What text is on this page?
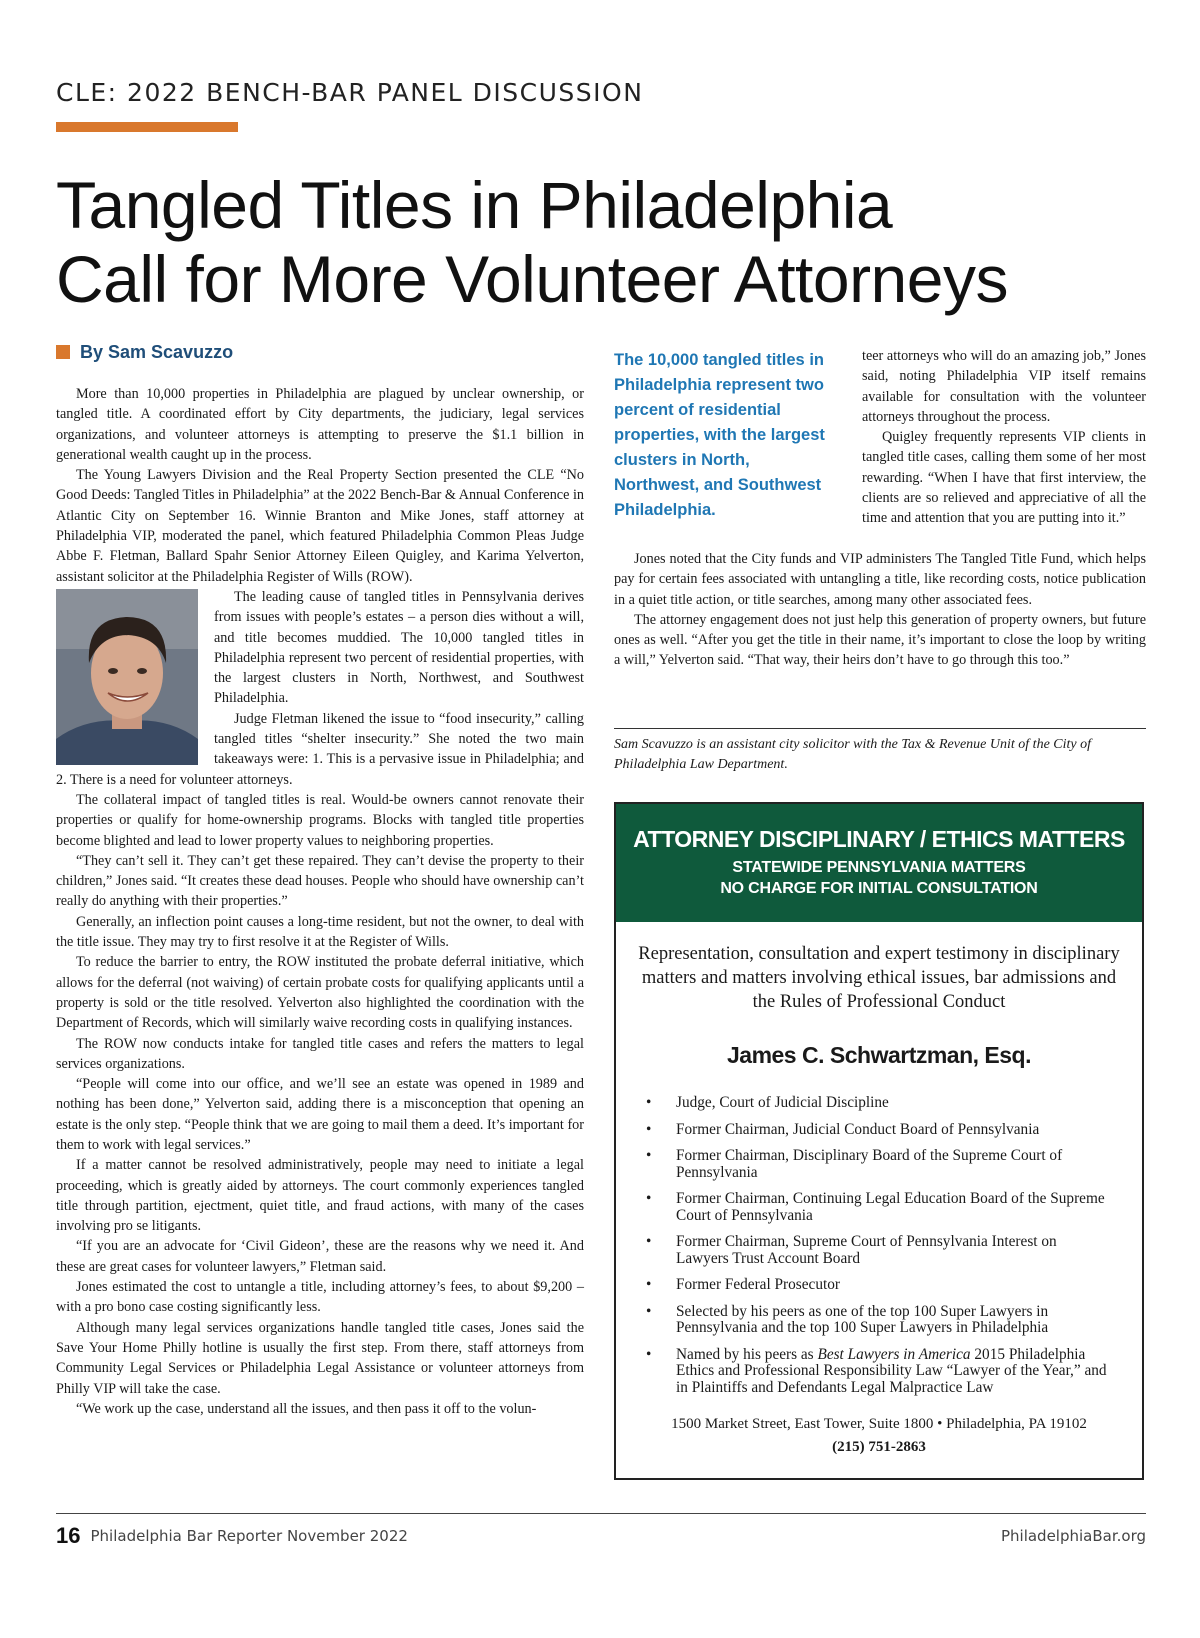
CLE: 2022 BENCH-BAR PANEL DISCUSSION
Tangled Titles in Philadelphia
Call for More Volunteer Attorneys
By Sam Scavuzzo

More than 10,000 properties in Philadelphia are plagued by unclear ownership, or tangled title. A coordinated effort by City departments, the judiciary, legal services organizations, and volunteer attorneys is attempting to preserve the $1.1 billion in generational wealth caught up in the process.

The Young Lawyers Division and the Real Property Section presented the CLE “No Good Deeds: Tangled Titles in Philadelphia” at the 2022 Bench-Bar & Annual Conference in Atlantic City on September 16. Winnie Branton and Mike Jones, staff attorney at Philadelphia VIP, moderated the panel, which featured Philadelphia Common Pleas Judge Abbe F. Fletman, Ballard Spahr Senior Attorney Eileen Quigley, and Karima Yelverton, assistant solicitor at the Philadelphia Register of Wills (ROW).

The leading cause of tangled titles in Pennsylvania derives from issues with people’s estates – a person dies without a will, and title becomes muddied. The 10,000 tangled titles in Philadelphia represent two percent of residential properties, with the largest clusters in North, Northwest, and Southwest Philadelphia.

Judge Fletman likened the issue to “food insecurity,” calling tangled titles “shelter insecurity.” She noted the two main takeaways were: 1. This is a pervasive issue in Philadelphia; and 2. There is a need for volunteer attorneys.

The collateral impact of tangled titles is real. Would-be owners cannot renovate their properties or qualify for home-ownership programs. Blocks with tangled title properties become blighted and lead to lower property values to neighboring properties.

“They can’t sell it. They can’t get these repaired. They can’t devise the property to their children,” Jones said. “It creates these dead houses. People who should have ownership can’t really do anything with their properties.”

Generally, an inflection point causes a long-time resident, but not the owner, to deal with the title issue. They may try to first resolve it at the Register of Wills.

To reduce the barrier to entry, the ROW instituted the probate deferral initiative, which allows for the deferral (not waiving) of certain probate costs for qualifying applicants until a property is sold or the title resolved. Yelverton also highlighted the coordination with the Department of Records, which will similarly waive recording costs in qualifying instances.

The ROW now conducts intake for tangled title cases and refers the matters to legal services organizations.

“People will come into our office, and we’ll see an estate was opened in 1989 and nothing has been done,” Yelverton said, adding there is a misconception that opening an estate is the only step. “People think that we are going to mail them a deed. It’s important for them to work with legal services.”

If a matter cannot be resolved administratively, people may need to initiate a legal proceeding, which is greatly aided by attorneys. The court commonly experiences tangled title through partition, ejectment, quiet title, and fraud actions, with many of the cases involving pro se litigants.

“If you are an advocate for ‘Civil Gideon’, these are the reasons why we need it. And these are great cases for volunteer lawyers,” Fletman said.

Jones estimated the cost to untangle a title, including attorney’s fees, to about $9,200 – with a pro bono case costing significantly less.

Although many legal services organizations handle tangled title cases, Jones said the Save Your Home Philly hotline is usually the first step. From there, staff attorneys from Community Legal Services or Philadelphia Legal Assistance or volunteer attorneys from Philly VIP will take the case.

“We work up the case, understand all the issues, and then pass it off to the volun-

The 10,000 tangled titles in Philadelphia represent two percent of residential properties, with the largest clusters in North, Northwest, and Southwest Philadelphia.

teer attorneys who will do an amazing job,” Jones said, noting Philadelphia VIP itself remains available for consultation with the volunteer attorneys throughout the process.

Quigley frequently represents VIP clients in tangled title cases, calling them some of her most rewarding. “When I have that first interview, the clients are so relieved and appreciative of all the time and attention that you are putting into it.”

Jones noted that the City funds and VIP administers The Tangled Title Fund, which helps pay for certain fees associated with untangling a title, like recording costs, notice publication in a quiet title action, or title searches, among many other associated fees.

The attorney engagement does not just help this generation of property owners, but future ones as well. “After you get the title in their name, it’s important to close the loop by writing a will,” Yelverton said. “That way, their heirs don’t have to go through this too.”

Sam Scavuzzo is an assistant city solicitor with the Tax & Revenue Unit of the City of Philadelphia Law Department.
ATTORNEY DISCIPLINARY / ETHICS MATTERS
STATEWIDE PENNSYLVANIA MATTERS
NO CHARGE FOR INITIAL CONSULTATION
Representation, consultation and expert testimony in disciplinary matters and matters involving ethical issues, bar admissions and the Rules of Professional Conduct
James C. Schwartzman, Esq.
• Judge, Court of Judicial Discipline
• Former Chairman, Judicial Conduct Board of Pennsylvania
• Former Chairman, Disciplinary Board of the Supreme Court of Pennsylvania
• Former Chairman, Continuing Legal Education Board of the Supreme Court of Pennsylvania
• Former Chairman, Supreme Court of Pennsylvania Interest on Lawyers Trust Account Board
• Former Federal Prosecutor
• Selected by his peers as one of the top 100 Super Lawyers in Pennsylvania and the top 100 Super Lawyers in Philadelphia
• Named by his peers as Best Lawyers in America 2015 Philadelphia Ethics and Professional Responsibility Law “Lawyer of the Year,” and in Plaintiffs and Defendants Legal Malpractice Law
1500 Market Street, East Tower, Suite 1800 • Philadelphia, PA 19102
(215) 751-2863
16 Philadelphia Bar Reporter November 2022	PhiladelphiaBar.org
